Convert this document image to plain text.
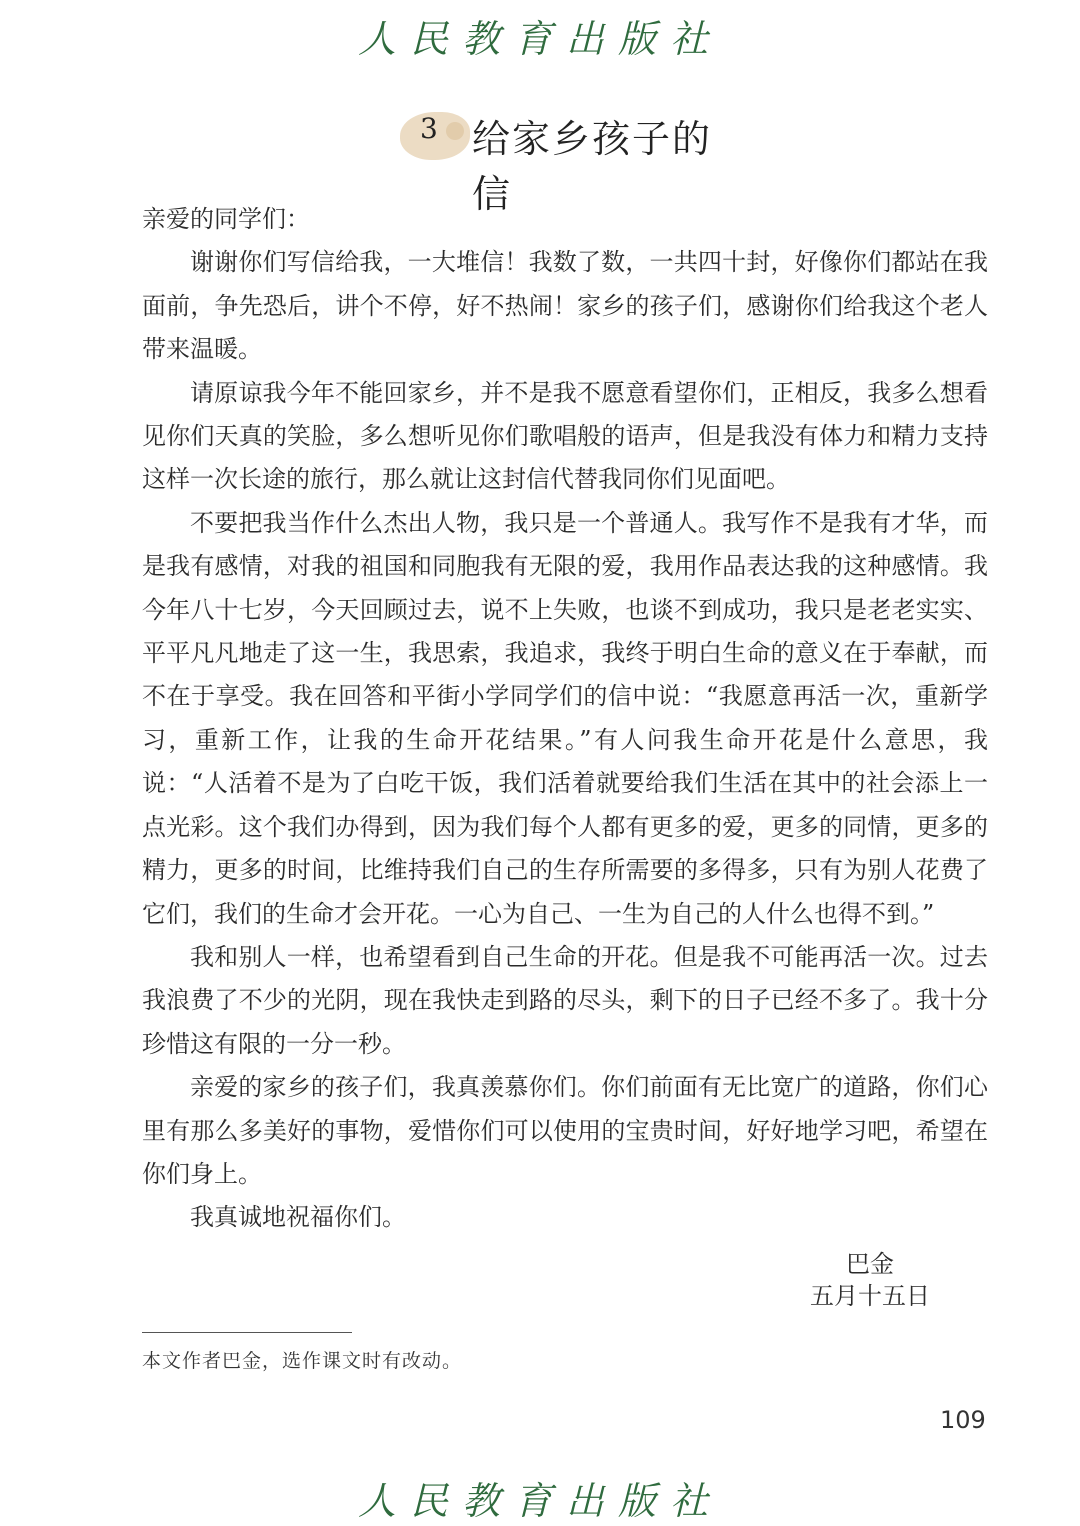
人民教育出版社
3 给家乡孩子的信

亲爱的同学们：

谢谢你们写信给我，一大堆信！我数了数，一共四十封，好像你们都站在我面前，争先恐后，讲个不停，好不热闹！家乡的孩子们，感谢你们给我这个老人带来温暖。

请原谅我今年不能回家乡，并不是我不愿意看望你们，正相反，我多么想看见你们天真的笑脸，多么想听见你们歌唱般的语声，但是我没有体力和精力支持这样一次长途的旅行，那么就让这封信代替我同你们见面吧。

不要把我当作什么杰出人物，我只是一个普通人。我写作不是我有才华，而是我有感情，对我的祖国和同胞我有无限的爱，我用作品表达我的这种感情。我今年八十七岁，今天回顾过去，说不上失败，也谈不到成功，我只是老老实实、平平凡凡地走了这一生，我思索，我追求，我终于明白生命的意义在于奉献，而不在于享受。我在回答和平街小学同学们的信中说：“我愿意再活一次，重新学习，重新工作，让我的生命开花结果。”有人问我生命开花是什么意思，我说：“人活着不是为了白吃干饭，我们活着就要给我们生活在其中的社会添上一点光彩。这个我们办得到，因为我们每个人都有更多的爱，更多的同情，更多的精力，更多的时间，比维持我们自己的生存所需要的多得多，只有为别人花费了它们，我们的生命才会开花。一心为自己、一生为自己的人什么也得不到。”

我和别人一样，也希望看到自己生命的开花。但是我不可能再活一次。过去我浪费了不少的光阴，现在我快走到路的尽头，剩下的日子已经不多了。我十分珍惜这有限的一分一秒。

亲爱的家乡的孩子们，我真羡慕你们。你们前面有无比宽广的道路，你们心里有那么多美好的事物，爱惜你们可以使用的宝贵时间，好好地学习吧，希望在你们身上。

我真诚地祝福你们。

巴金
五月十五日
本文作者巴金，选作课文时有改动。
109
人民教育出版社
